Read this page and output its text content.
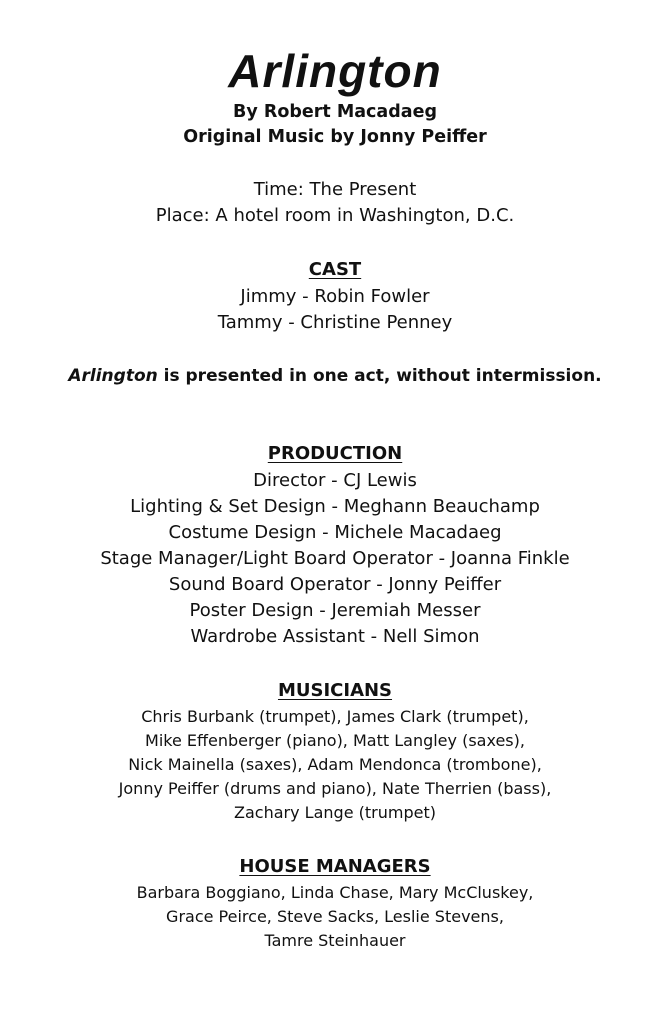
Arlington
By Robert Macadaeg
Original Music by Jonny Peiffer
Time: The Present
Place: A hotel room in Washington, D.C.
CAST
Jimmy - Robin Fowler
Tammy - Christine Penney
Arlington is presented in one act, without intermission.
PRODUCTION
Director - CJ Lewis
Lighting & Set Design - Meghann Beauchamp
Costume Design - Michele Macadaeg
Stage Manager/Light Board Operator - Joanna Finkle
Sound Board Operator - Jonny Peiffer
Poster Design - Jeremiah Messer
Wardrobe Assistant - Nell Simon
MUSICIANS
Chris Burbank (trumpet), James Clark (trumpet),
Mike Effenberger (piano), Matt Langley (saxes),
Nick Mainella (saxes), Adam Mendonca (trombone),
Jonny Peiffer (drums and piano), Nate Therrien (bass),
Zachary Lange (trumpet)
HOUSE MANAGERS
Barbara Boggiano, Linda Chase, Mary McCluskey,
Grace Peirce, Steve Sacks, Leslie Stevens,
Tamre Steinhauer
